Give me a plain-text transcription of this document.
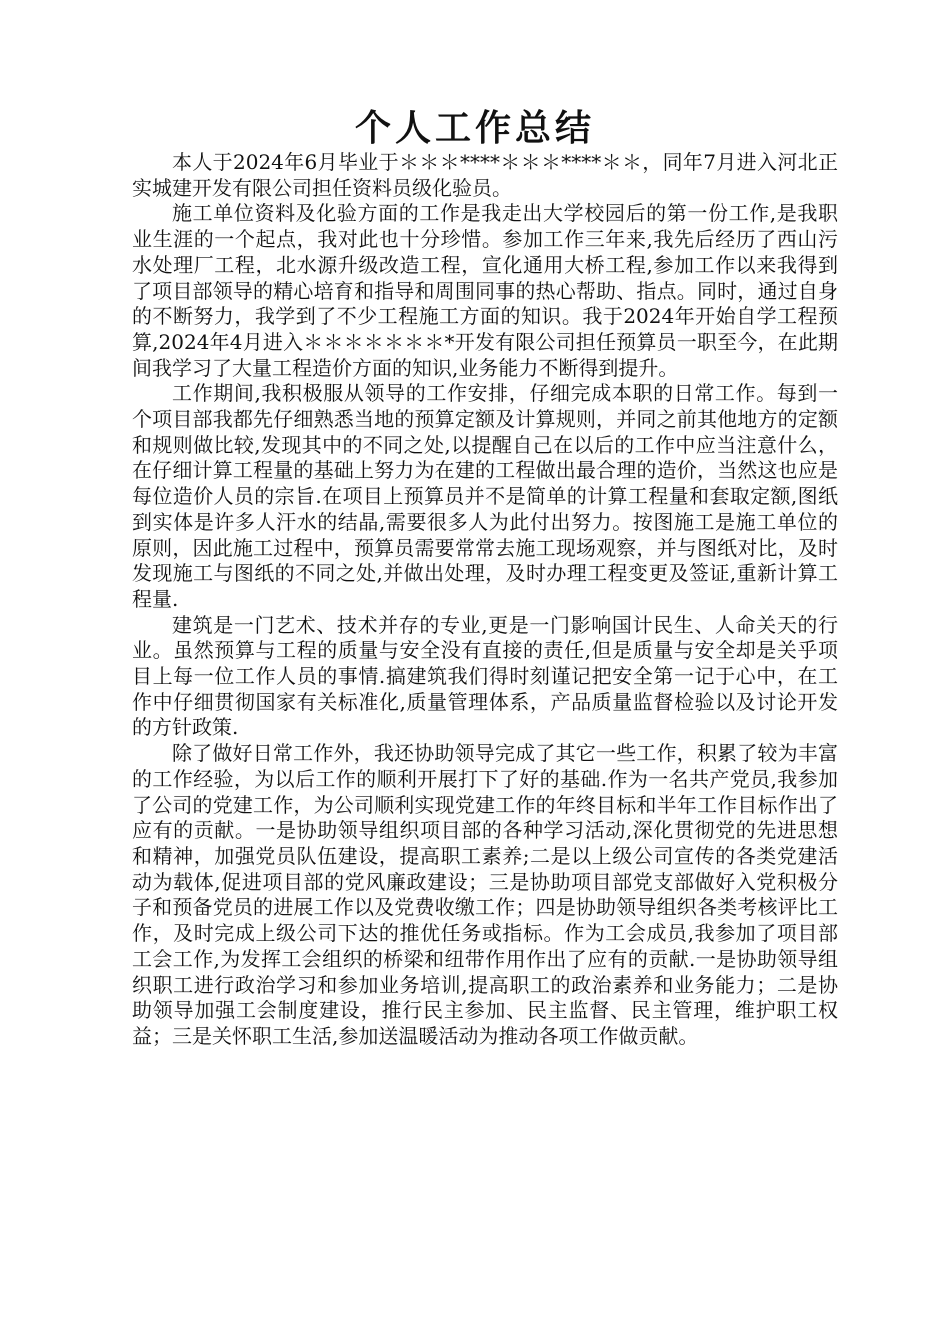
个人工作总结

本人于2024年6月毕业于＊＊＊****＊＊＊****＊＊，同年7月进入河北正实城建开发有限公司担任资料员级化验员。

施工单位资料及化验方面的工作是我走出大学校园后的第一份工作,是我职业生涯的一个起点，我对此也十分珍惜。参加工作三年来,我先后经历了西山污水处理厂工程，北水源升级改造工程，宣化通用大桥工程,参加工作以来我得到了项目部领导的精心培育和指导和周围同事的热心帮助、指点。同时，通过自身的不断努力，我学到了不少工程施工方面的知识。我于2024年开始自学工程预算,2024年4月进入＊＊＊＊＊＊＊*开发有限公司担任预算员一职至今，在此期间我学习了大量工程造价方面的知识,业务能力不断得到提升。

工作期间,我积极服从领导的工作安排，仔细完成本职的日常工作。每到一个项目部我都先仔细熟悉当地的预算定额及计算规则，并同之前其他地方的定额和规则做比较,发现其中的不同之处,以提醒自己在以后的工作中应当注意什么，在仔细计算工程量的基础上努力为在建的工程做出最合理的造价，当然这也应是每位造价人员的宗旨.在项目上预算员并不是简单的计算工程量和套取定额,图纸到实体是许多人汗水的结晶,需要很多人为此付出努力。按图施工是施工单位的原则，因此施工过程中，预算员需要常常去施工现场观察，并与图纸对比，及时发现施工与图纸的不同之处,并做出处理，及时办理工程变更及签证,重新计算工程量.

建筑是一门艺术、技术并存的专业,更是一门影响国计民生、人命关天的行业。虽然预算与工程的质量与安全没有直接的责任,但是质量与安全却是关乎项目上每一位工作人员的事情.搞建筑我们得时刻谨记把安全第一记于心中，在工作中仔细贯彻国家有关标准化,质量管理体系，产品质量监督检验以及讨论开发的方针政策.

除了做好日常工作外，我还协助领导完成了其它一些工作，积累了较为丰富的工作经验，为以后工作的顺利开展打下了好的基础.作为一名共产党员,我参加了公司的党建工作，为公司顺利实现党建工作的年终目标和半年工作目标作出了应有的贡献。一是协助领导组织项目部的各种学习活动,深化贯彻党的先进思想和精神，加强党员队伍建设，提高职工素养;二是以上级公司宣传的各类党建活动为载体,促进项目部的党风廉政建设；三是协助项目部党支部做好入党积极分子和预备党员的进展工作以及党费收缴工作；四是协助领导组织各类考核评比工作，及时完成上级公司下达的推优任务或指标。作为工会成员,我参加了项目部工会工作,为发挥工会组织的桥梁和纽带作用作出了应有的贡献.一是协助领导组织职工进行政治学习和参加业务培训,提高职工的政治素养和业务能力；二是协助领导加强工会制度建设，推行民主参加、民主监督、民主管理，维护职工权益；三是关怀职工生活,参加送温暖活动为推动各项工作做贡献。
